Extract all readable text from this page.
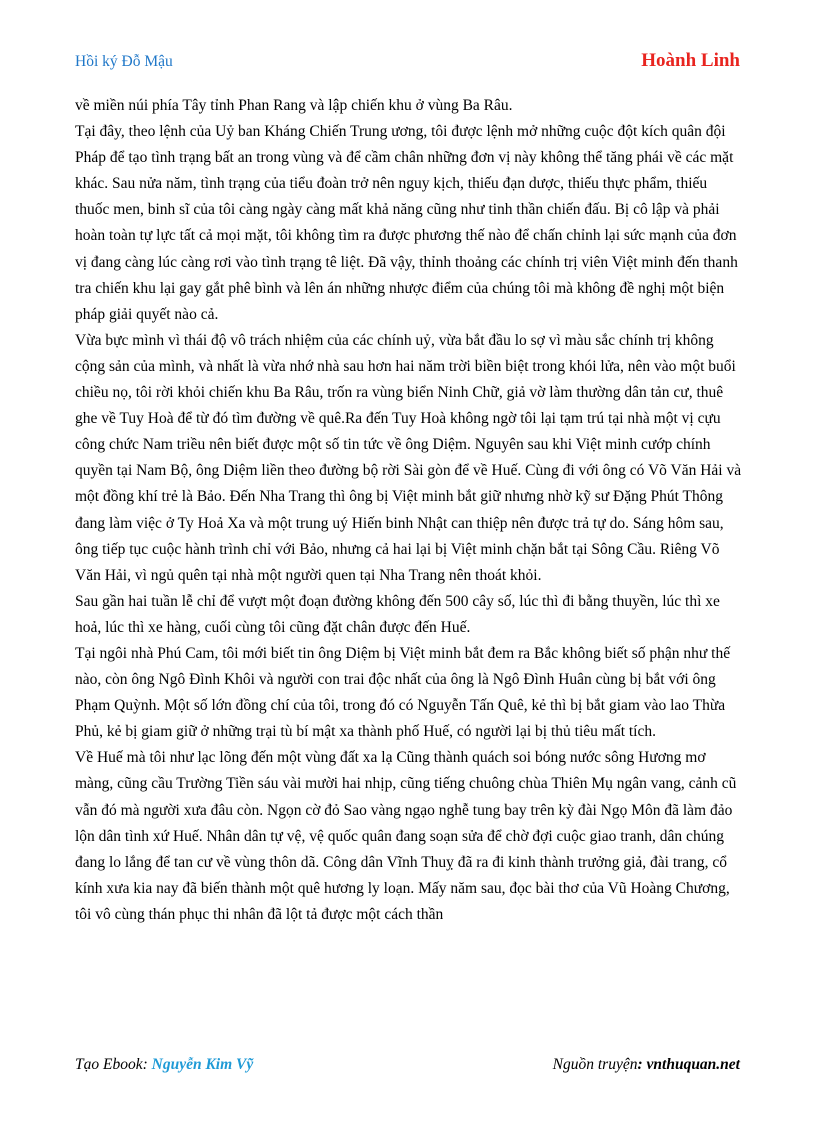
Hồi ký Đỗ Mậu	Hoành Linh

về miền núi phía Tây tỉnh Phan Rang và lập chiến khu ở vùng Ba Râu.

Tại đây, theo lệnh của Uỷ ban Kháng Chiến Trung ương, tôi được lệnh mở những cuộc đột kích quân đội Pháp để tạo tình trạng bất an trong vùng và để cầm chân những đơn vị này không thể tăng phái về các mặt khác. Sau nửa năm, tình trạng của tiểu đoàn trở nên nguy kịch, thiếu đạn dược, thiếu thực phẩm, thiếu thuốc men, binh sĩ của tôi càng ngày càng mất khả năng cũng như tinh thần chiến đấu. Bị cô lập và phải hoàn toàn tự lực tất cả mọi mặt, tôi không tìm ra được phương thế nào để chấn chỉnh lại sức mạnh của đơn vị đang càng lúc càng rơi vào tình trạng tê liệt. Đã vậy, thỉnh thoảng các chính trị viên Việt minh đến thanh tra chiến khu lại gay gắt phê bình và lên án những nhược điểm của chúng tôi mà không đề nghị một biện pháp giải quyết nào cả.

Vừa bực mình vì thái độ vô trách nhiệm của các chính uỷ, vừa bắt đầu lo sợ vì màu sắc chính trị không cộng sản của mình, và nhất là vừa nhớ nhà sau hơn hai năm trời biền biệt trong khói lửa, nên vào một buổi chiều nọ, tôi rời khỏi chiến khu Ba Râu, trốn ra vùng biển Ninh Chữ, giả vờ làm thường dân tản cư, thuê ghe về Tuy Hoà để từ đó tìm đường về quê.Ra đến Tuy Hoà không ngờ tôi lại tạm trú tại nhà một vị cựu công chức Nam triều nên biết được một số tin tức về ông Diệm. Nguyên sau khi Việt minh cướp chính quyền tại Nam Bộ, ông Diệm liền theo đường bộ rời Sài gòn để về Huế. Cùng đi với ông có Võ Văn Hải và một đồng khí trẻ là Bảo. Đến Nha Trang thì ông bị Việt minh bắt giữ nhưng nhờ kỹ sư Đặng Phút Thông đang làm việc ở Ty Hoả Xa và một trung uý Hiến binh Nhật can thiệp nên được trả tự do. Sáng hôm sau, ông tiếp tục cuộc hành trình chỉ với Bảo, nhưng cả hai lại bị Việt minh chặn bắt tại Sông Cầu. Riêng Võ Văn Hải, vì ngủ quên tại nhà một người quen tại Nha Trang nên thoát khỏi.

Sau gần hai tuần lễ chỉ để vượt một đoạn đường không đến 500 cây số, lúc thì đi bằng thuyền, lúc thì xe hoả, lúc thì xe hàng, cuối cùng tôi cũng đặt chân được đến Huế.

Tại ngôi nhà Phú Cam, tôi mới biết tin ông Diệm bị Việt minh bắt đem ra Bắc không biết số phận như thế nào, còn ông Ngô Đình Khôi và người con trai độc nhất của ông là Ngô Đình Huân cùng bị bắt với ông Phạm Quỳnh. Một số lớn đồng chí của tôi, trong đó có Nguyễn Tấn Quê, kẻ thì bị bắt giam vào lao Thừa Phủ, kẻ bị giam giữ ở những trại tù bí mật xa thành phố Huế, có người lại bị thủ tiêu mất tích.

Về Huế mà tôi như lạc lõng đến một vùng đất xa lạ Cũng thành quách soi bóng nước sông Hương mơ màng, cũng cầu Trường Tiền sáu vài mười hai nhịp, cũng tiếng chuông chùa Thiên Mụ ngân vang, cảnh cũ vẫn đó mà người xưa đâu còn. Ngọn cờ đỏ Sao vàng ngạo nghễ tung bay trên kỳ đài Ngọ Môn đã làm đảo lộn dân tình xứ Huế. Nhân dân tự vệ, vệ quốc quân đang soạn sửa để chờ đợi cuộc giao tranh, dân chúng đang lo lắng để tan cư về vùng thôn dã. Công dân Vĩnh Thuỵ đã ra đi kinh thành trưởng giả, đài trang, cổ kính xưa kia nay đã biến thành một quê hương ly loạn. Mấy năm sau, đọc bài thơ của Vũ Hoàng Chương, tôi vô cùng thán phục thi nhân đã lột tả được một cách thần

Tạo Ebook: Nguyễn Kim Vỹ	Nguồn truyện: vnthuquan.net
